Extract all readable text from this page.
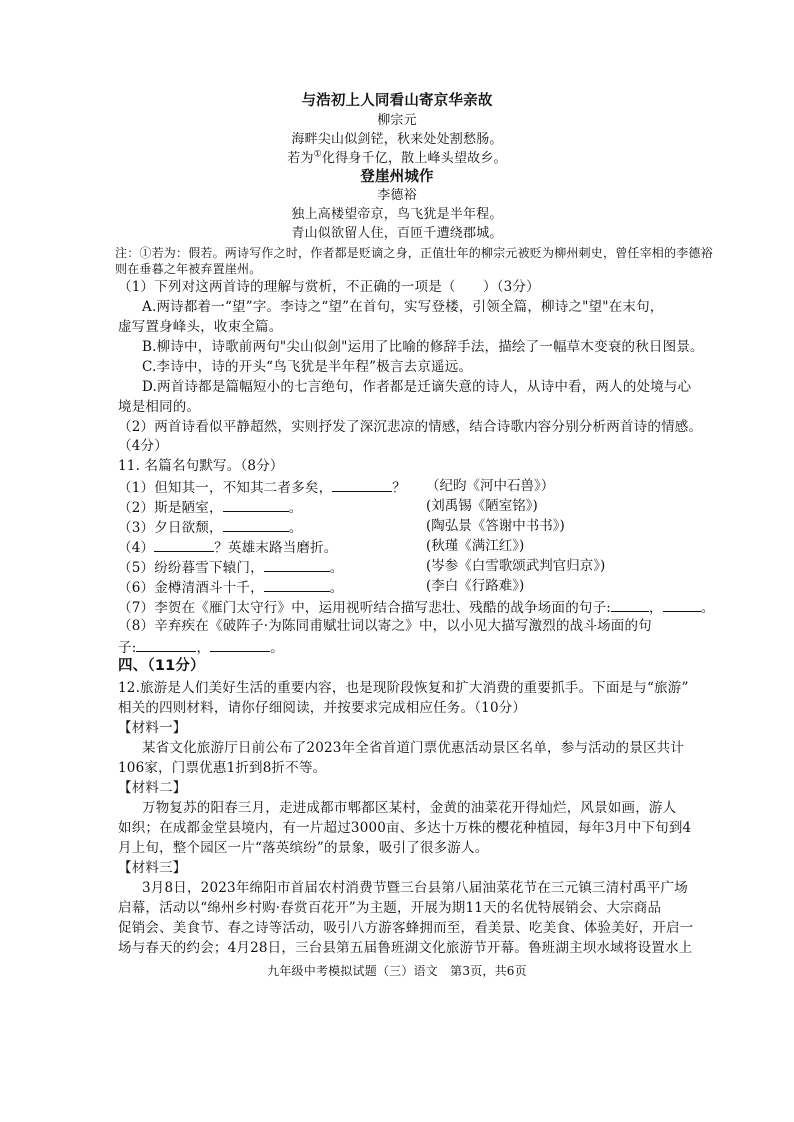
与浩初上人同看山寄京华亲故
柳宗元
海畔尖山似剑铓，秋来处处割愁肠。
若为①化得身千亿，散上峰头望故乡。
登崖州城作
李德裕
独上高楼望帝京，鸟飞犹是半年程。
青山似欲留人住，百匝千遭绕郡城。
注：①若为：假若。两诗写作之时，作者都是贬谪之身，正值壮年的柳宗元被贬为柳州刺史，曾任宰相的李德裕
则在垂暮之年被弃置崖州。
（1）下列对这两首诗的理解与赏析，不正确的一项是（　　）（3分）
A.两诗都着一“望”字。李诗之“望”在首句，实写登楼，引领全篇，柳诗之"望"在末句，
虚写置身峰头，收束全篇。
B.柳诗中，诗歌前两句"尖山似剑"运用了比喻的修辞手法，描绘了一幅草木变衰的秋日图景。
C.李诗中，诗的开头“鸟飞犹是半年程”极言去京遥远。
D.两首诗都是篇幅短小的七言绝句，作者都是迁谪失意的诗人，从诗中看，两人的处境与心
境是相同的。
（2）两首诗看似平静超然，实则抒发了深沉悲凉的情感，结合诗歌内容分别分析两首诗的情感。
（4分）
11. 名篇名句默写。（8分）
（1）但知其一，不知其二者多矣，	？ （纪昀《河中石兽》）
（2）斯是陋室，	。	(刘禹锡《陋室铭》)
（3）夕日欲颓，	。	(陶弘景《答谢中书书》)
（4）	？英雄末路当磨折。	(秋瑾《满江红》)
（5）纷纷暮雪下辕门，	。	(岑参《白雪歌颂武判官归京》)
（6）金樽清酒斗十千，	。	(李白《行路难》)
（7）李贺在《雁门太守行》中，运用视听结合描写悲壮、残酷的战争场面的句子:	，	。
（8）辛弃疾在《破阵子·为陈同甫赋壮词以寄之》中，以小见大描写激烈的战斗场面的句
子:	，	。
四、（11分）
12.旅游是人们美好生活的重要内容，也是现阶段恢复和扩大消费的重要抓手。下面是与“旅游”
相关的四则材料，请你仔细阅读，并按要求完成相应任务。（10分）
【材料一】
某省文化旅游厅日前公布了2023年全省首道门票优惠活动景区名单，参与活动的景区共计
106家，门票优惠1折到8折不等。
【材料二】
万物复苏的阳春三月，走进成都市郫都区某村，金黄的油菜花开得灿烂，风景如画，游人
如织；在成都金堂县境内，有一片超过3000亩、多达十万株的樱花种植园，每年3月中下旬到4
月上旬，整个园区一片“落英缤纷”的景象，吸引了很多游人。
【材料三】
3月8日，2023年绵阳市首届农村消费节暨三台县第八届油菜花节在三元镇三清村禹平广场
启幕，活动以“绵州乡村购·春赏百花开”为主题，开展为期11天的名优特展销会、大宗商品
促销会、美食节、春之诗等活动，吸引八方游客蜂拥而至，看美景、吃美食、体验美好，开启一
场与春天的约会；4月28日，三台县第五届鲁班湖文化旅游节开幕。鲁班湖主坝水域将设置水上
九年级中考模拟试题（三）语文　第3页，共6页
